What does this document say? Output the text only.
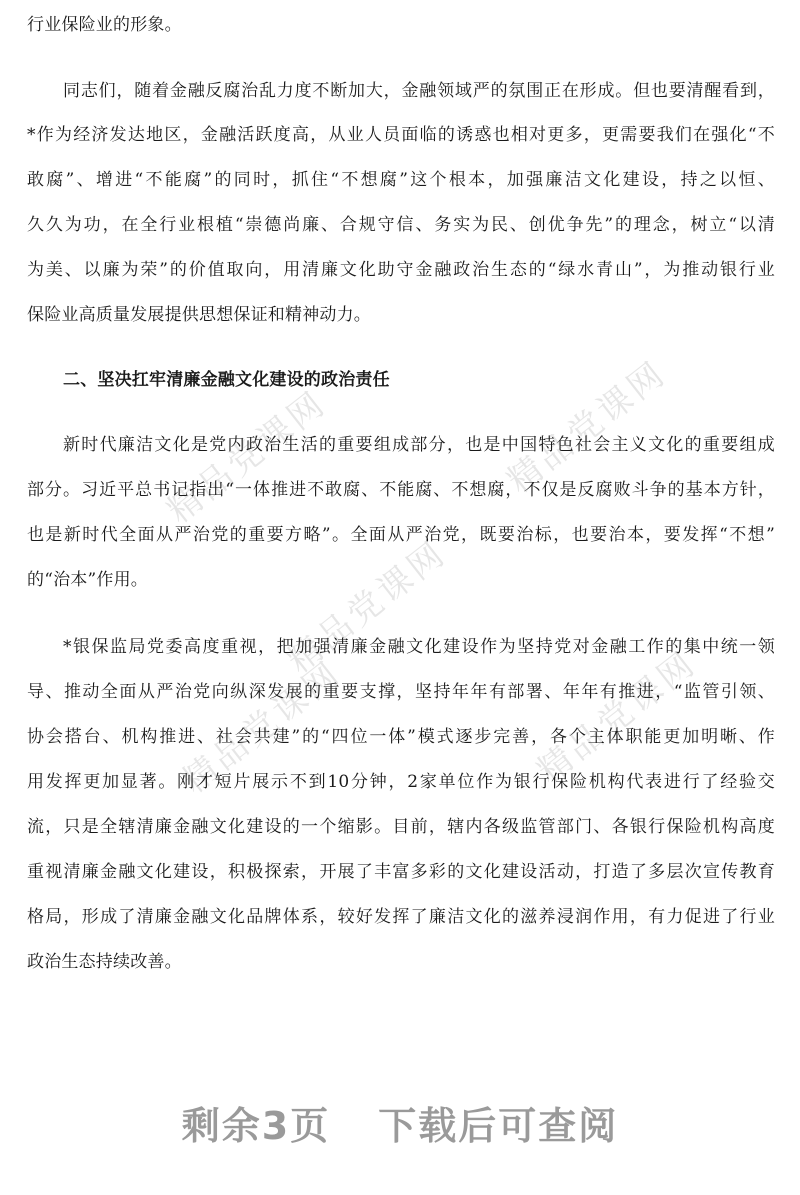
精品党课网	精品党课网
精品党课网
精品党课网	精品党课网
行业保险业的形象。
同志们，随着金融反腐治乱力度不断加大，金融领域严的氛围正在形成。但也要清醒看到，
*作为经济发达地区，金融活跃度高，从业人员面临的诱惑也相对更多，更需要我们在强化“不
敢腐”、增进“不能腐”的同时，抓住“不想腐”这个根本，加强廉洁文化建设，持之以恒、
久久为功，在全行业根植“崇德尚廉、合规守信、务实为民、创优争先”的理念，树立“以清
为美、以廉为荣”的价值取向，用清廉文化助守金融政治生态的“绿水青山”，为推动银行业
保险业高质量发展提供思想保证和精神动力。
二、坚决扛牢清廉金融文化建设的政治责任
新时代廉洁文化是党内政治生活的重要组成部分，也是中国特色社会主义文化的重要组成
部分。习近平总书记指出“一体推进不敢腐、不能腐、不想腐，不仅是反腐败斗争的基本方针，
也是新时代全面从严治党的重要方略”。全面从严治党，既要治标，也要治本，要发挥“不想”
的“治本”作用。
*银保监局党委高度重视，把加强清廉金融文化建设作为坚持党对金融工作的集中统一领
导、推动全面从严治党向纵深发展的重要支撑，坚持年年有部署、年年有推进，“监管引领、
协会搭台、机构推进、社会共建”的“四位一体”模式逐步完善，各个主体职能更加明晰、作
用发挥更加显著。刚才短片展示不到10分钟，2家单位作为银行保险机构代表进行了经验交
流，只是全辖清廉金融文化建设的一个缩影。目前，辖内各级监管部门、各银行保险机构高度
重视清廉金融文化建设，积极探索，开展了丰富多彩的文化建设活动，打造了多层次宣传教育
格局，形成了清廉金融文化品牌体系，较好发挥了廉洁文化的滋养浸润作用，有力促进了行业
政治生态持续改善。
剩余3页 下载后可查阅
